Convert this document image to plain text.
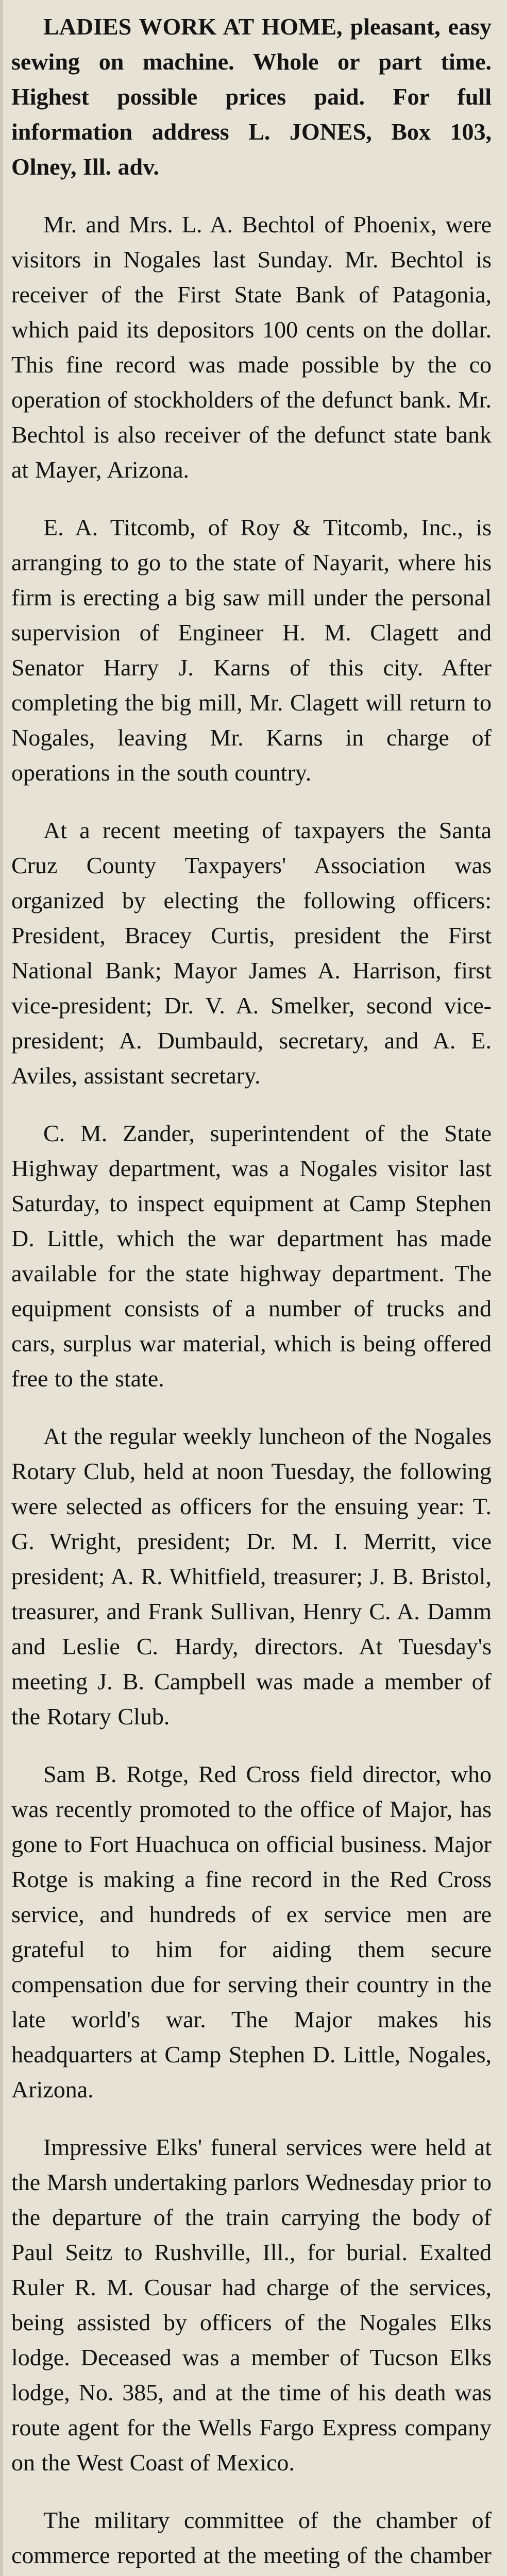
LADIES WORK AT HOME, pleasant, easy sewing on machine. Whole or part time. Highest possible prices paid. For full information address L. JONES, Box 103, Olney, Ill. adv.

Mr. and Mrs. L. A. Bechtol of Phoenix, were visitors in Nogales last Sunday. Mr. Bechtol is receiver of the First State Bank of Patagonia, which paid its depositors 100 cents on the dollar. This fine record was made possible by the co operation of stockholders of the defunct bank. Mr. Bechtol is also receiver of the defunct state bank at Mayer, Arizona.

E. A. Titcomb, of Roy & Titcomb, Inc., is arranging to go to the state of Nayarit, where his firm is erecting a big saw mill under the personal supervision of Engineer H. M. Clagett and Senator Harry J. Karns of this city. After completing the big mill, Mr. Clagett will return to Nogales, leaving Mr. Karns in charge of operations in the south country.

At a recent meeting of taxpayers the Santa Cruz County Taxpayers' Association was organized by electing the following officers: President, Bracey Curtis, president the First National Bank; Mayor James A. Harrison, first vice-president; Dr. V. A. Smelker, second vice-president; A. Dumbauld, secretary, and A. E. Aviles, assistant secretary.

C. M. Zander, superintendent of the State Highway department, was a Nogales visitor last Saturday, to inspect equipment at Camp Stephen D. Little, which the war department has made available for the state highway department. The equipment consists of a number of trucks and cars, surplus war material, which is being offered free to the state.

At the regular weekly luncheon of the Nogales Rotary Club, held at noon Tuesday, the following were selected as officers for the ensuing year: T. G. Wright, president; Dr. M. I. Merritt, vice president; A. R. Whitfield, treasurer; J. B. Bristol, treasurer, and Frank Sullivan, Henry C. A. Damm and Leslie C. Hardy, directors. At Tuesday's meeting J. B. Campbell was made a member of the Rotary Club.

Sam B. Rotge, Red Cross field director, who was recently promoted to the office of Major, has gone to Fort Huachuca on official business. Major Rotge is making a fine record in the Red Cross service, and hundreds of ex service men are grateful to him for aiding them secure compensation due for serving their country in the late world's war. The Major makes his headquarters at Camp Stephen D. Little, Nogales, Arizona.

Impressive Elks' funeral services were held at the Marsh undertaking parlors Wednesday prior to the departure of the train carrying the body of Paul Seitz to Rushville, Ill., for burial. Exalted Ruler R. M. Cousar had charge of the services, being assisted by officers of the Nogales Elks lodge. Deceased was a member of Tucson Elks lodge, No. 385, and at the time of his death was route agent for the Wells Fargo Express company on the West Coast of Mexico.

The military committee of the chamber of commerce reported at the meeting of the chamber
